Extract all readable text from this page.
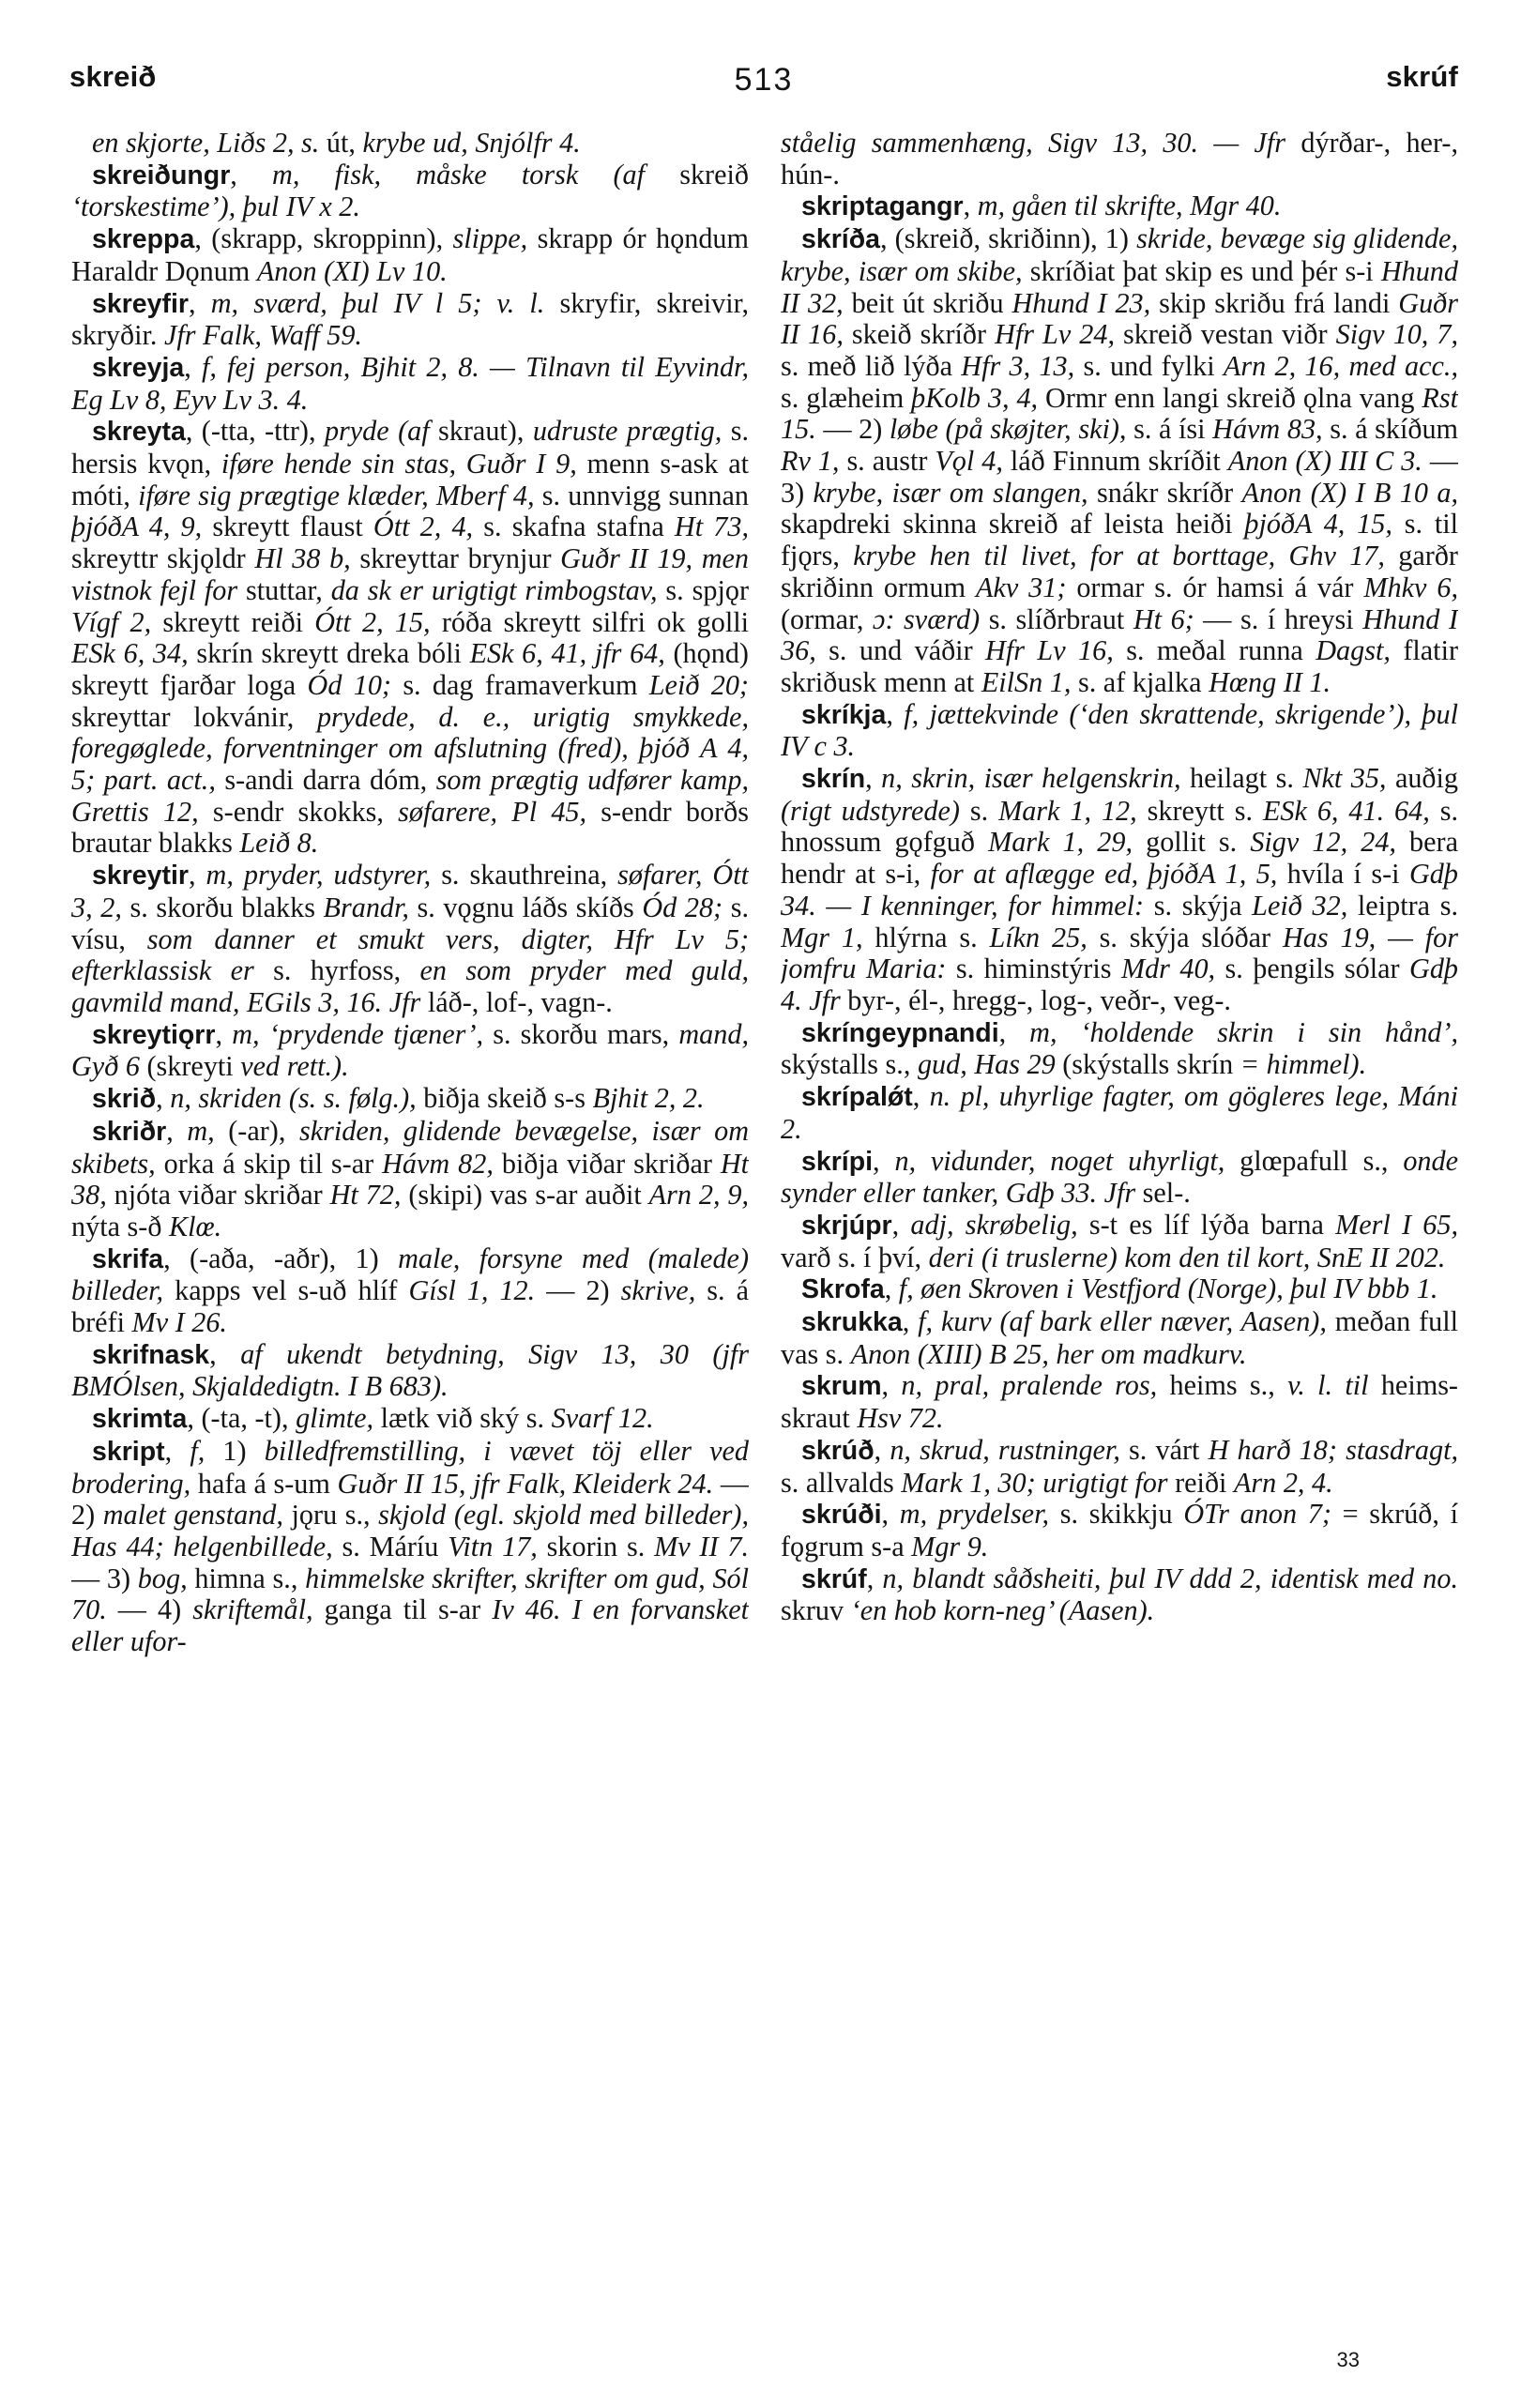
skreið	513	skrúf

en skjorte, Liðs 2, s. út, krybe ud, Snjólfr 4.

skreiðungr, m, fisk, måske torsk (af skreið ‘torskestime’), þul IV x 2.

skreppa, (skrapp, skroppinn), slippe, skrapp ór hǫndum Haraldr Dǫnum Anon (XI) Lv 10.

skreyfir, m, sværd, þul IV l 5; v. l. skryfir, skreivir, skryðir. Jfr Falk, Waff 59.

skreyja, f, fej person, Bjhit 2, 8. — Tilnavn til Eyvindr, Eg Lv 8, Eyv Lv 3. 4.

skreyta, (-tta, -ttr), pryde (af skraut), udruste prægtig, s. hersis kvǫn, iføre hende sin stas, Guðr I 9, menn s-ask at móti, iføre sig prægtige klæder, Mberf 4, s. unnvigg sunnan þjóðA 4, 9, skreytt flaust Ótt 2, 4, s. skafna stafna Ht 73, skreyttr skjǫldr Hl 38 b, skreyttar brynjur Guðr II 19, men vistnok fejl for stuttar, da sk er urigtigt rimbogstav, s. spjǫr Vígf 2, skreytt reiði Ótt 2, 15, róða skreytt silfri ok golli ESk 6, 34, skrín skreytt dreka bóli ESk 6, 41, jfr 64, (hǫnd) skreytt fjarðar loga Ód 10; s. dag framaverkum Leið 20; skreyttar lokvánir, prydede, d. e., urigtig smykkede, foregøglede, forventninger om afslutning (fred), þjóð A 4, 5; part. act., s-andi darra dóm, som prægtig udfører kamp, Grettis 12, s-endr skokks, søfarere, Pl 45, s-endr borðs brautar blakks Leið 8.

skreytir, m, pryder, udstyrer, s. skauthreina, søfarer, Ótt 3, 2, s. skorðu blakks Brandr, s. vǫgnu láðs skíðs Ód 28; s. vísu, som danner et smukt vers, digter, Hfr Lv 5; efterklassisk er s. hyrfoss, en som pryder med guld, gavmild mand, EGils 3, 16. Jfr láð-, lof-, vagn-.

skreytiǫrr, m, ‘prydende tjæner’, s. skorðu mars, mand, Gyð 6 (skreyti ved rett.).

skrið, n, skriden (s. s. følg.), biðja skeið s-s Bjhit 2, 2.

skriðr, m, (-ar), skriden, glidende bevægelse, især om skibets, orka á skip til s-ar Hávm 82, biðja viðar skriðar Ht 38, njóta viðar skriðar Ht 72, (skipi) vas s-ar auðit Arn 2, 9, nýta s-ð Klœ.

skrifa, (-aða, -aðr), 1) male, forsyne med (malede) billeder, kapps vel s-uð hlíf Gísl 1, 12. — 2) skrive, s. á bréfi Mv I 26.

skrifnask, af ukendt betydning, Sigv 13, 30 (jfr BMÓlsen, Skjaldedigtn. I B 683).

skrimta, (-ta, -t), glimte, lætk við ský s. Svarf 12.

skript, f, 1) billedfremstilling, i vævet töj eller ved brodering, hafa á s-um Guðr II 15, jfr Falk, Kleiderk 24. — 2) malet genstand, jǫru s., skjold (egl. skjold med billeder), Has 44; helgenbillede, s. Máríu Vitn 17, skorin s. Mv II 7. — 3) bog, himna s., himmelske skrifter, skrifter om gud, Sól 70. — 4) skriftemål, ganga til s-ar Iv 46. I en forvansket eller ufor-

ståelig sammenhæng, Sigv 13, 30. — Jfr dýrðar-, her-, hún-.

skriptagangr, m, gåen til skrifte, Mgr 40.

skríða, (skreið, skriðinn), 1) skride, bevæge sig glidende, krybe, især om skibe, skríðiat þat skip es und þér s-i Hhund II 32, beit út skriðu Hhund I 23, skip skriðu frá landi Guðr II 16, skeið skríðr Hfr Lv 24, skreið vestan viðr Sigv 10, 7, s. með lið lýða Hfr 3, 13, s. und fylki Arn 2, 16, med acc., s. glæheim þKolb 3, 4, Ormr enn langi skreið ǫlna vang Rst 15. — 2) løbe (på skøjter, ski), s. á ísi Hávm 83, s. á skíðum Rv 1, s. austr Vǫl 4, láð Finnum skríðit Anon (X) III C 3. — 3) krybe, især om slangen, snákr skríðr Anon (X) I B 10 a, skapdreki skinna skreið af leista heiði þjóðA 4, 15, s. til fjǫrs, krybe hen til livet, for at borttage, Ghv 17, garðr skriðinn ormum Akv 31; ormar s. ór hamsi á vár Mhkv 6, (ormar, ɔ: sværd) s. slíðrbraut Ht 6; — s. í hreysi Hhund I 36, s. und váðir Hfr Lv 16, s. meðal runna Dagst, flatir skriðusk menn at EilSn 1, s. af kjalka Hœng II 1.

skríkja, f, jættekvinde (‘den skrattende, skrigende’), þul IV c 3.

skrín, n, skrin, især helgenskrin, heilagt s. Nkt 35, auðig (rigt udstyrede) s. Mark 1, 12, skreytt s. ESk 6, 41. 64, s. hnossum gǫfguð Mark 1, 29, gollit s. Sigv 12, 24, bera hendr at s-i, for at aflægge ed, þjóðA 1, 5, hvíla í s-i Gdþ 34. — I kenninger, for himmel: s. skýja Leið 32, leiptra s. Mgr 1, hlýrna s. Líkn 25, s. skýja slóðar Has 19, — for jomfru Maria: s. himinstýris Mdr 40, s. þengils sólar Gdþ 4. Jfr byr-, él-, hregg-, log-, veðr-, veg-.

skríngeypnandi, m, ‘holdende skrin i sin hånd’, skýstalls s., gud, Has 29 (skýstalls skrín = himmel).

skrípalǿt, n. pl, uhyrlige fagter, om gögleres lege, Máni 2.

skrípi, n, vidunder, noget uhyrligt, glœpafull s., onde synder eller tanker, Gdþ 33. Jfr sel-.

skrjúpr, adj, skrøbelig, s-t es líf lýða barna Merl I 65, varð s. í því, deri (i truslerne) kom den til kort, SnE II 202.

Skrofa, f, øen Skroven i Vestfjord (Norge), þul IV bbb 1.

skrukka, f, kurv (af bark eller næver, Aasen), meðan full vas s. Anon (XIII) B 25, her om madkurv.

skrum, n, pral, pralende ros, heims s., v. l. til heims-skraut Hsv 72.

skrúð, n, skrud, rustninger, s. várt H harð 18; stasdragt, s. allvalds Mark 1, 30; urigtigt for reiði Arn 2, 4.

skrúði, m, prydelser, s. skikkju ÓTr anon 7; = skrúð, í fǫgrum s-a Mgr 9.

skrúf, n, blandt såðsheiti, þul IV ddd 2, identisk med no. skruv ‘en hob korn-neg’ (Aasen).

33
